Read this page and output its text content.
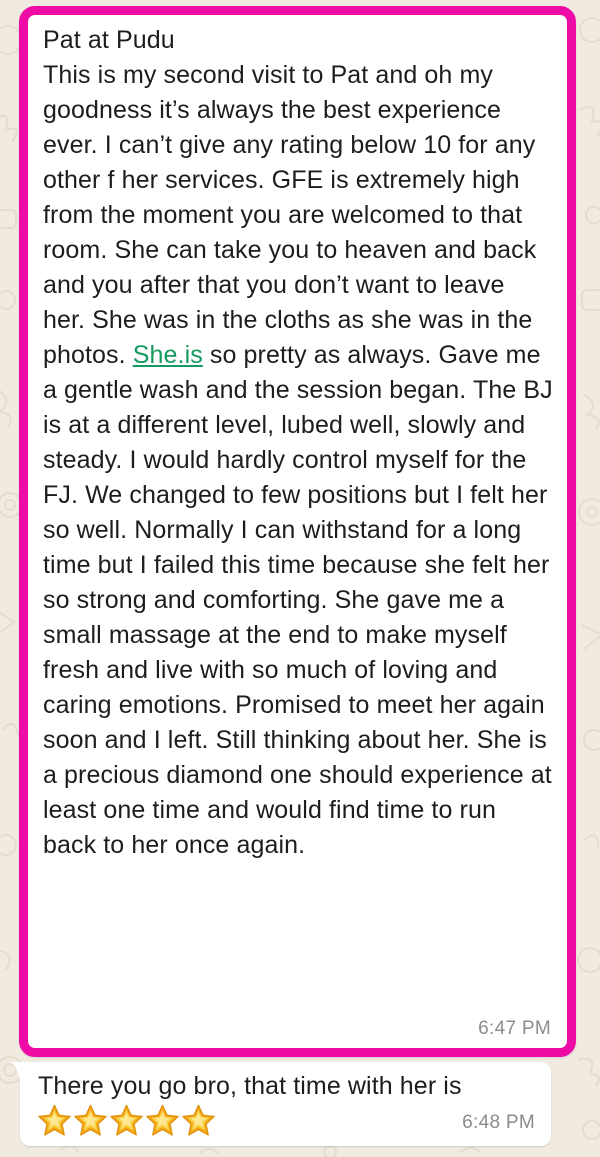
Pat at Pudu
This is my second visit to Pat and oh my goodness it’s always the best experience ever. I can’t give any rating below 10 for any other f her services. GFE is extremely high from the moment you are welcomed to that room. She can take you to heaven and back and you after that you don’t want to leave her. She was in the cloths as she was in the photos. She.is so pretty as always. Gave me a gentle wash and the session began. The BJ is at a different level, lubed well, slowly and steady. I would hardly control myself for the FJ. We changed to few positions but I felt her so well. Normally I can withstand for a long time but I failed this time because she felt her so strong and comforting. She gave me a small massage at the end to make myself fresh and live with so much of loving and caring emotions. Promised to meet her again soon and I left. Still thinking about her. She is a precious diamond one should experience at least one time and would find time to run back to her once again.
6:47 PM
There you go bro, that time with her is
6:48 PM
